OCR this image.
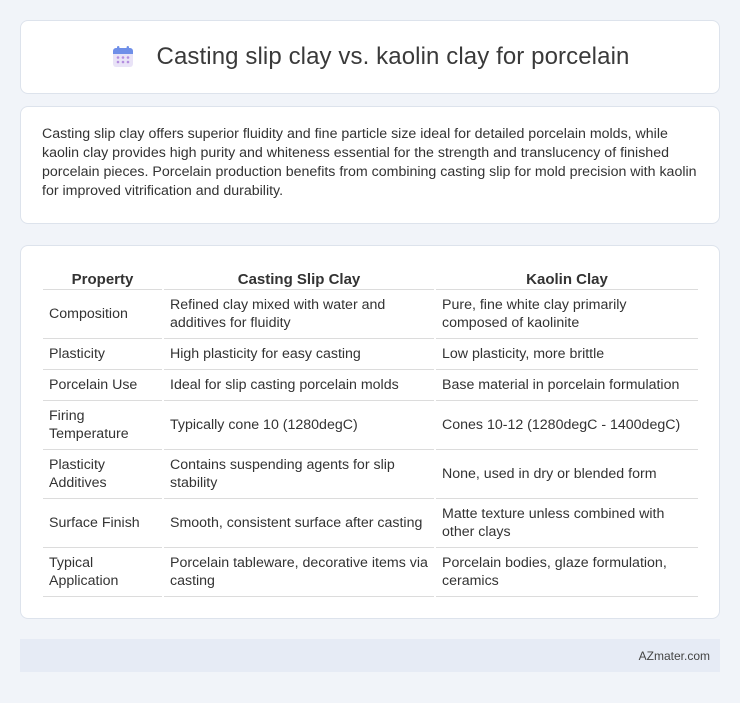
Casting slip clay vs. kaolin clay for porcelain

Casting slip clay offers superior fluidity and fine particle size ideal for detailed porcelain molds, while kaolin clay provides high purity and whiteness essential for the strength and translucency of finished porcelain pieces. Porcelain production benefits from combining casting slip for mold precision with kaolin for improved vitrification and durability.

Property	Casting Slip Clay	Kaolin Clay
Composition	Refined clay mixed with water and additives for fluidity	Pure, fine white clay primarily composed of kaolinite
Plasticity	High plasticity for easy casting	Low plasticity, more brittle
Porcelain Use	Ideal for slip casting porcelain molds	Base material in porcelain formulation
Firing Temperature	Typically cone 10 (1280degC)	Cones 10-12 (1280degC - 1400degC)
Plasticity Additives	Contains suspending agents for slip stability	None, used in dry or blended form
Surface Finish	Smooth, consistent surface after casting	Matte texture unless combined with other clays
Typical Application	Porcelain tableware, decorative items via casting	Porcelain bodies, glaze formulation, ceramics
AZmater.com
